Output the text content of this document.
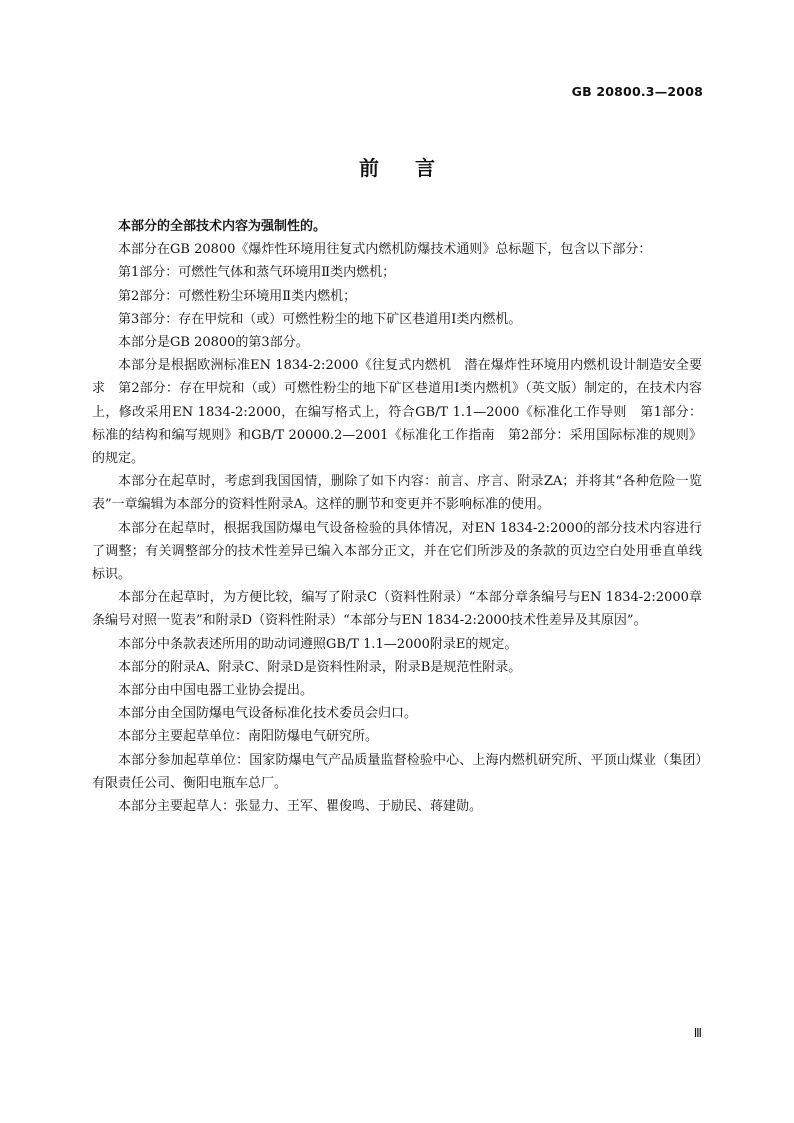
GB 20800.3—2008
前言

本部分的全部技术内容为强制性的。

本部分在GB 20800《爆炸性环境用往复式内燃机防爆技术通则》总标题下，包含以下部分：

第1部分：可燃性气体和蒸气环境用Ⅱ类内燃机；

第2部分：可燃性粉尘环境用Ⅱ类内燃机；

第3部分：存在甲烷和（或）可燃性粉尘的地下矿区巷道用Ⅰ类内燃机。

本部分是GB 20800的第3部分。

本部分是根据欧洲标准EN 1834-2:2000《往复式内燃机　潜在爆炸性环境用内燃机设计制造安全要求　第2部分：存在甲烷和（或）可燃性粉尘的地下矿区巷道用Ⅰ类内燃机》（英文版）制定的，在技术内容上，修改采用EN 1834-2:2000，在编写格式上，符合GB/T 1.1—2000《标准化工作导则　第1部分：标准的结构和编写规则》和GB/T 20000.2—2001《标准化工作指南　第2部分：采用国际标准的规则》的规定。

本部分在起草时，考虑到我国国情，删除了如下内容：前言、序言、附录ZA；并将其“各种危险一览表”一章编辑为本部分的资料性附录A。这样的删节和变更并不影响标准的使用。

本部分在起草时，根据我国防爆电气设备检验的具体情况，对EN 1834-2:2000的部分技术内容进行了调整；有关调整部分的技术性差异已编入本部分正文，并在它们所涉及的条款的页边空白处用垂直单线标识。

本部分在起草时，为方便比较，编写了附录C（资料性附录）“本部分章条编号与EN 1834-2:2000章条编号对照一览表”和附录D（资料性附录）“本部分与EN 1834-2:2000技术性差异及其原因”。

本部分中条款表述所用的助动词遵照GB/T 1.1—2000附录E的规定。

本部分的附录A、附录C、附录D是资料性附录，附录B是规范性附录。

本部分由中国电器工业协会提出。

本部分由全国防爆电气设备标准化技术委员会归口。

本部分主要起草单位：南阳防爆电气研究所。

本部分参加起草单位：国家防爆电气产品质量监督检验中心、上海内燃机研究所、平顶山煤业（集团）有限责任公司、衡阳电瓶车总厂。

本部分主要起草人：张显力、王军、瞿俊鸣、于励民、蒋建勋。

Ⅲ
